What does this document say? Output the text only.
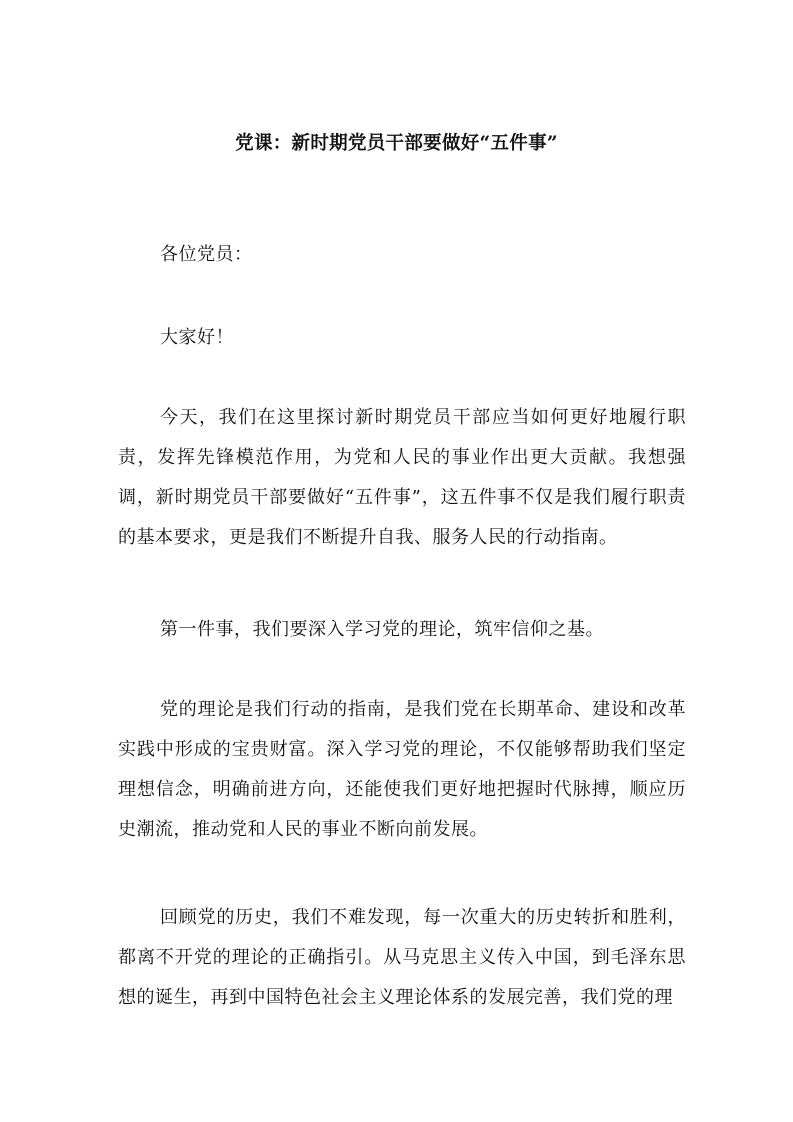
党课：新时期党员干部要做好“五件事”

各位党员：

大家好！

今天，我们在这里探讨新时期党员干部应当如何更好地履行职责，发挥先锋模范作用，为党和人民的事业作出更大贡献。我想强调，新时期党员干部要做好“五件事”，这五件事不仅是我们履行职责的基本要求，更是我们不断提升自我、服务人民的行动指南。

第一件事，我们要深入学习党的理论，筑牢信仰之基。

党的理论是我们行动的指南，是我们党在长期革命、建设和改革实践中形成的宝贵财富。深入学习党的理论，不仅能够帮助我们坚定理想信念，明确前进方向，还能使我们更好地把握时代脉搏，顺应历史潮流，推动党和人民的事业不断向前发展。

回顾党的历史，我们不难发现，每一次重大的历史转折和胜利，都离不开党的理论的正确指引。从马克思主义传入中国，到毛泽东思想的诞生，再到中国特色社会主义理论体系的发展完善，我们党的理
